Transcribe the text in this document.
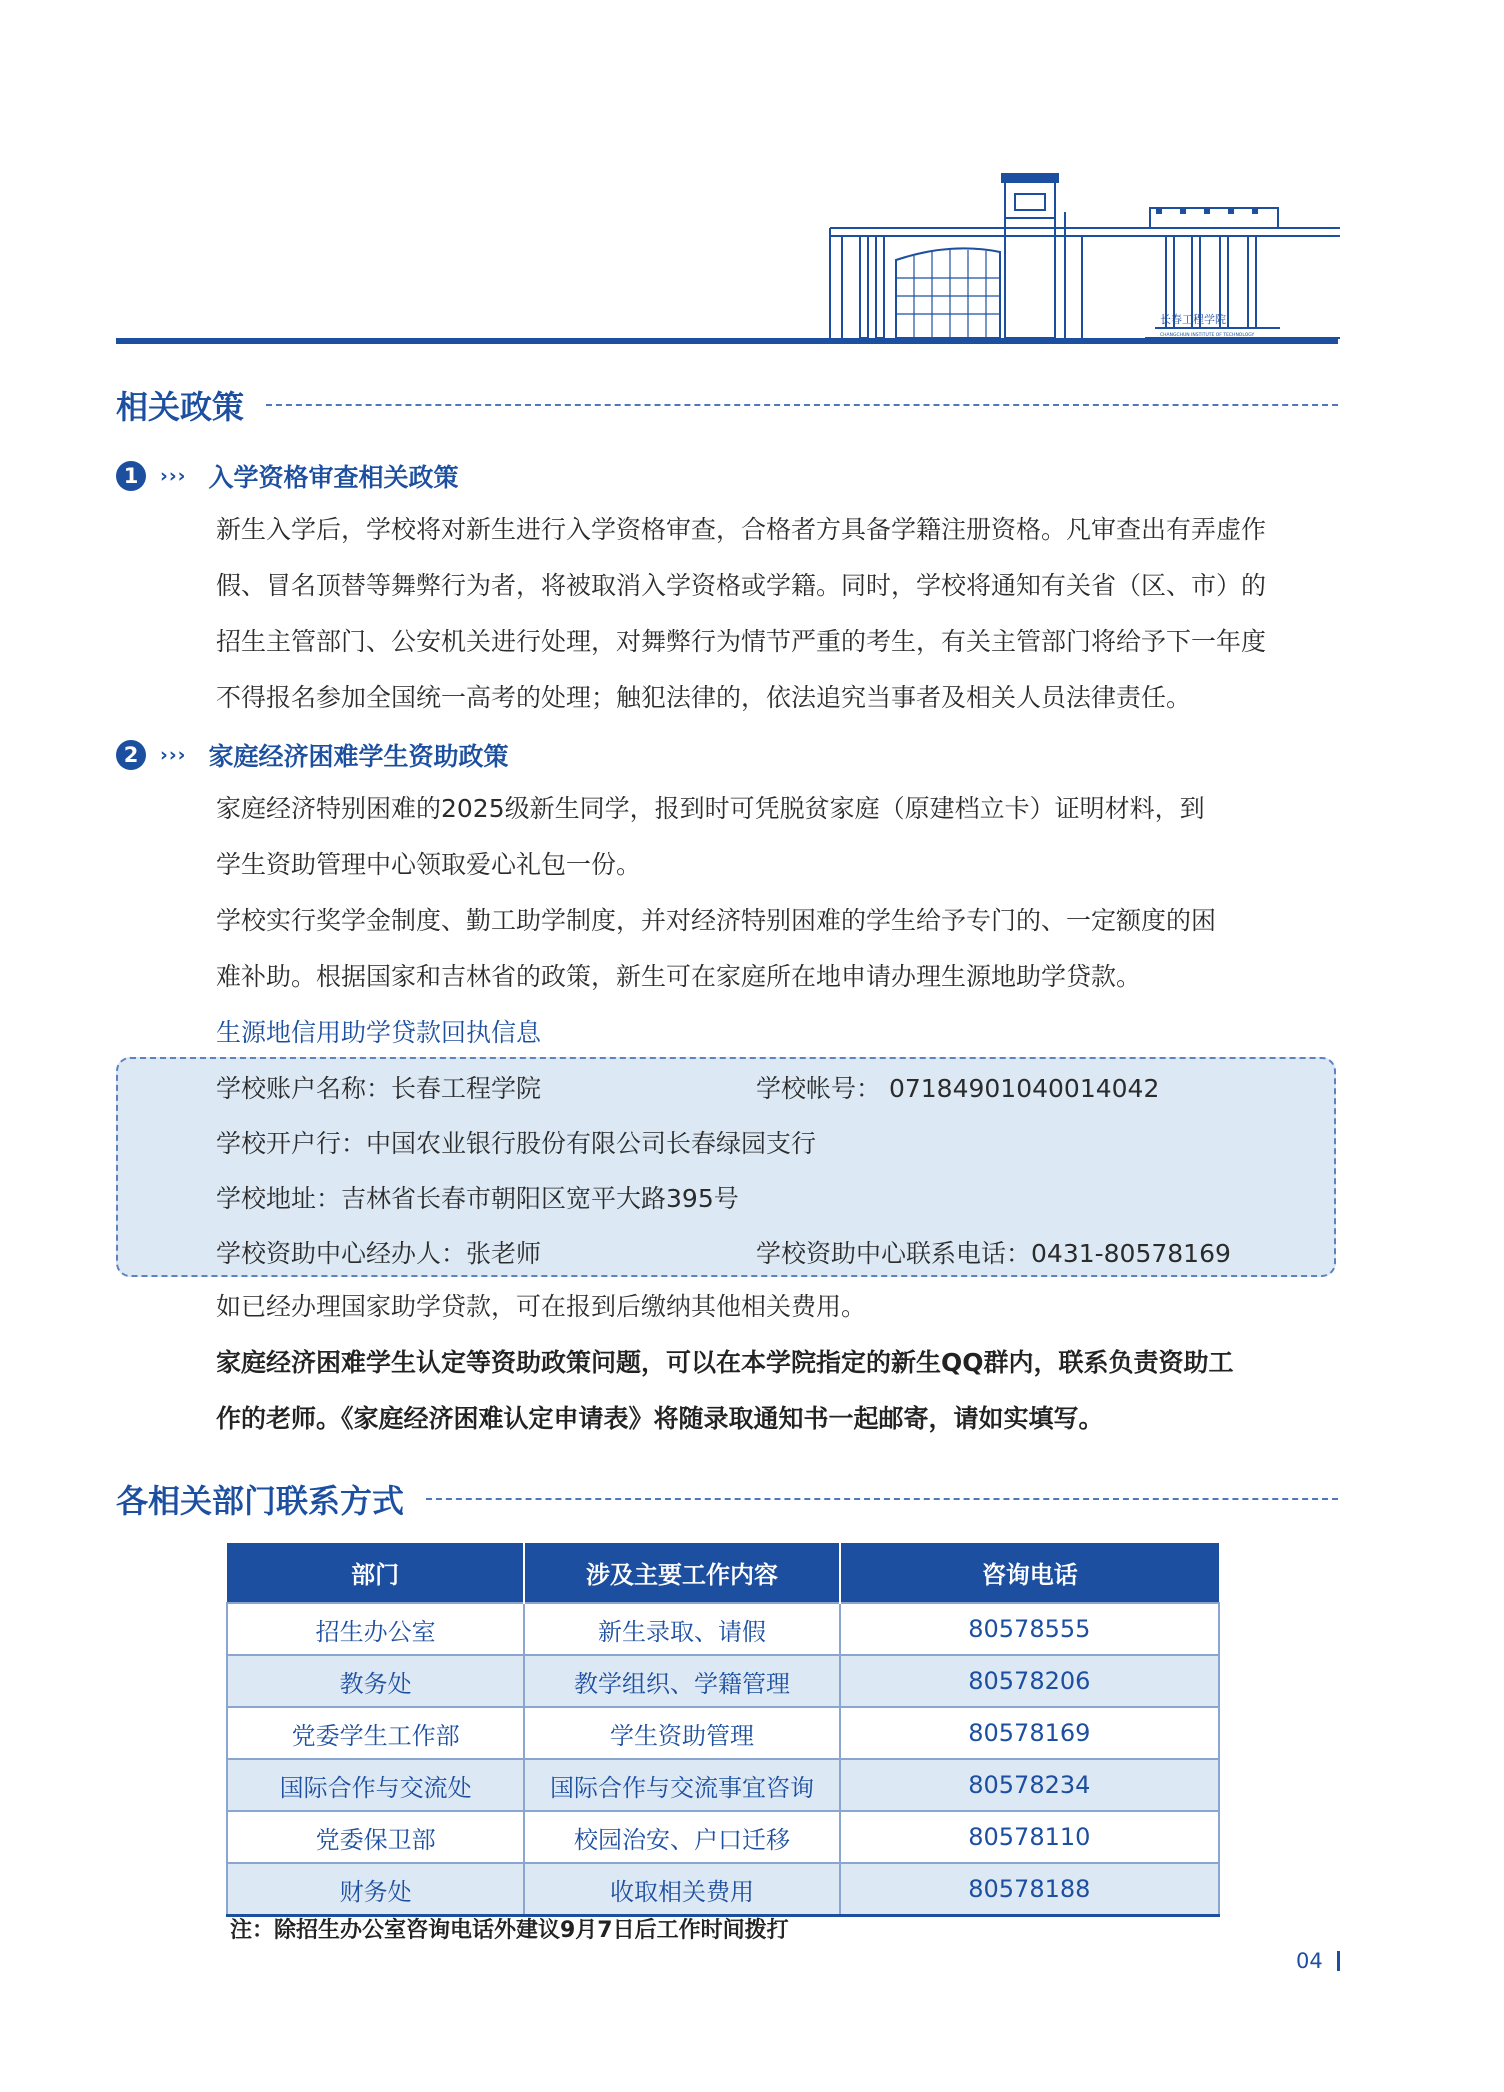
长春工程学院
CHANGCHUN INSTITUTE OF TECHNOLOGY
相关政策
1	››› 入学资格审查相关政策
新生入学后，学校将对新生进行入学资格审查，合格者方具备学籍注册资格。凡审查出有弄虚作
假、冒名顶替等舞弊行为者，将被取消入学资格或学籍。同时，学校将通知有关省（区、市）的
招生主管部门、公安机关进行处理，对舞弊行为情节严重的考生，有关主管部门将给予下一年度
不得报名参加全国统一高考的处理；触犯法律的，依法追究当事者及相关人员法律责任。
2	››› 家庭经济困难学生资助政策
家庭经济特别困难的2025级新生同学，报到时可凭脱贫家庭（原建档立卡）证明材料，到
学生资助管理中心领取爱心礼包一份。
学校实行奖学金制度、勤工助学制度，并对经济特别困难的学生给予专门的、一定额度的困
难补助。根据国家和吉林省的政策，新生可在家庭所在地申请办理生源地助学贷款。
生源地信用助学贷款回执信息
学校账户名称：长春工程学院	学校帐号： 07184901040014042
学校开户行：中国农业银行股份有限公司长春绿园支行
学校地址：吉林省长春市朝阳区宽平大路395号
学校资助中心经办人：张老师	学校资助中心联系电话：0431-80578169
如已经办理国家助学贷款，可在报到后缴纳其他相关费用。
家庭经济困难学生认定等资助政策问题，可以在本学院指定的新生QQ群内，联系负责资助工
作的老师。《家庭经济困难认定申请表》将随录取通知书一起邮寄，请如实填写。
各相关部门联系方式
部门	涉及主要工作内容	咨询电话
招生办公室	新生录取、请假	80578555
教务处	教学组织、学籍管理	80578206
党委学生工作部	学生资助管理	80578169
国际合作与交流处	国际合作与交流事宜咨询	80578234
党委保卫部	校园治安、户口迁移	80578110
财务处	收取相关费用	80578188
注：除招生办公室咨询电话外建议9月7日后工作时间拨打
04
